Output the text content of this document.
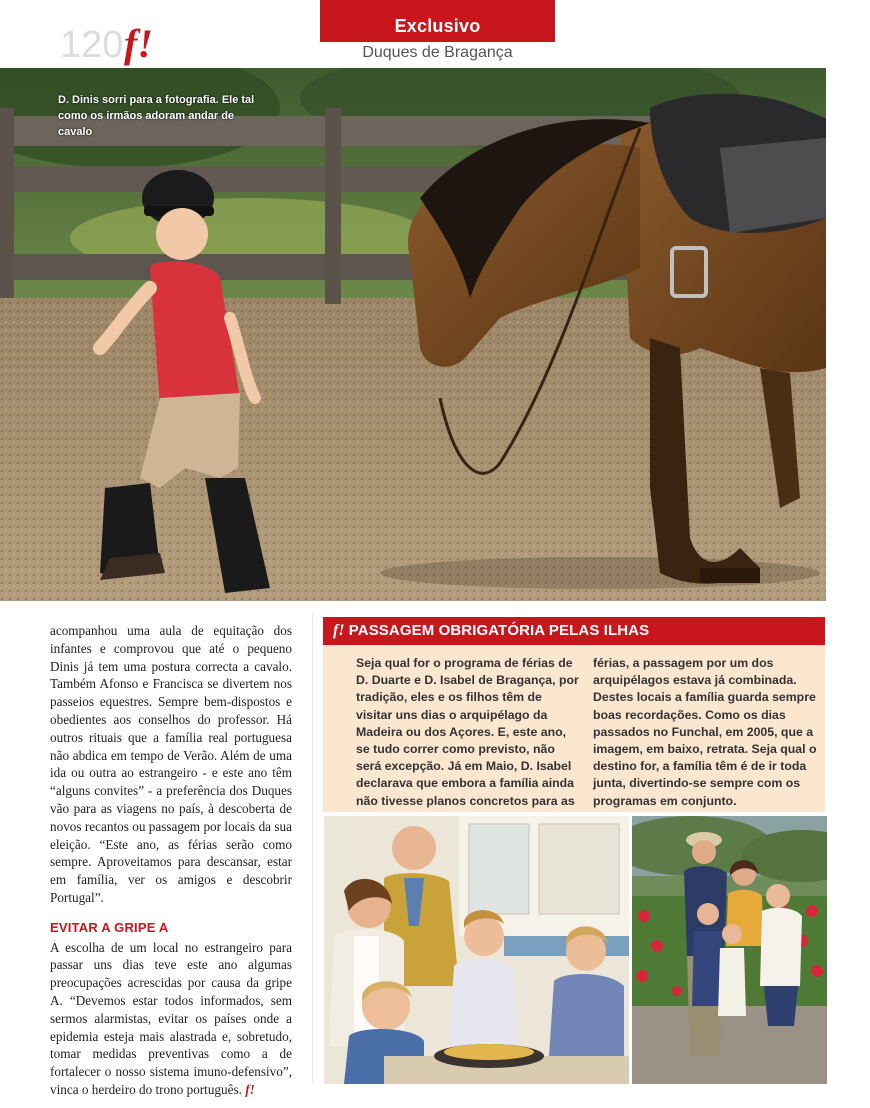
120 f!	Exclusivo
Duques de Bragança
D. Dinis sorri para a fotografia. Ele tal como os irmãos adoram andar de cavalo

acompanhou uma aula de equitação dos infantes e comprovou que até o pequeno Dinis já tem uma postura correcta a cavalo. Também Afonso e Francisca se divertem nos passeios equestres. Sempre bem-dispostos e obedientes aos conselhos do professor. Há outros rituais que a família real portuguesa não abdica em tempo de Verão. Além de uma ida ou outra ao estrangeiro - e este ano têm “alguns convites” - a preferência dos Duques vão para as viagens no país, à descoberta de novos recantos ou passagem por locais da sua eleição. “Este ano, as férias serão como sempre. Aproveitamos para descansar, estar em família, ver os amigos e descobrir Portugal”.

EVITAR A GRIPE A

A escolha de um local no estrangeiro para passar uns dias teve este ano algumas preocupações acrescidas por causa da gripe A. “Devemos estar todos informados, sem sermos alarmistas, evitar os países onde a epidemia esteja mais alastrada e, sobretudo, tomar medidas preventivas como a de fortalecer o nosso sistema imuno-defensivo”, vinca o herdeiro do trono português. f!

f! PASSAGEM OBRIGATÓRIA PELAS ILHAS
Seja qual for o programa de férias de D. Duarte e D. Isabel de Bragança, por tradição, eles e os filhos têm de visitar uns dias o arquipélago da Madeira ou dos Açores. E, este ano, se tudo correr como previsto, não será excepção. Já em Maio, D. Isabel declarava que embora a família ainda não tivesse planos concretos para as
férias, a passagem por um dos arquipélagos estava já combinada. Destes locais a família guarda sempre boas recordações. Como os dias passados no Funchal, em 2005, que a imagem, em baixo, retrata. Seja qual o destino for, a família têm é de ir toda junta, divertindo-se sempre com os programas em conjunto.
